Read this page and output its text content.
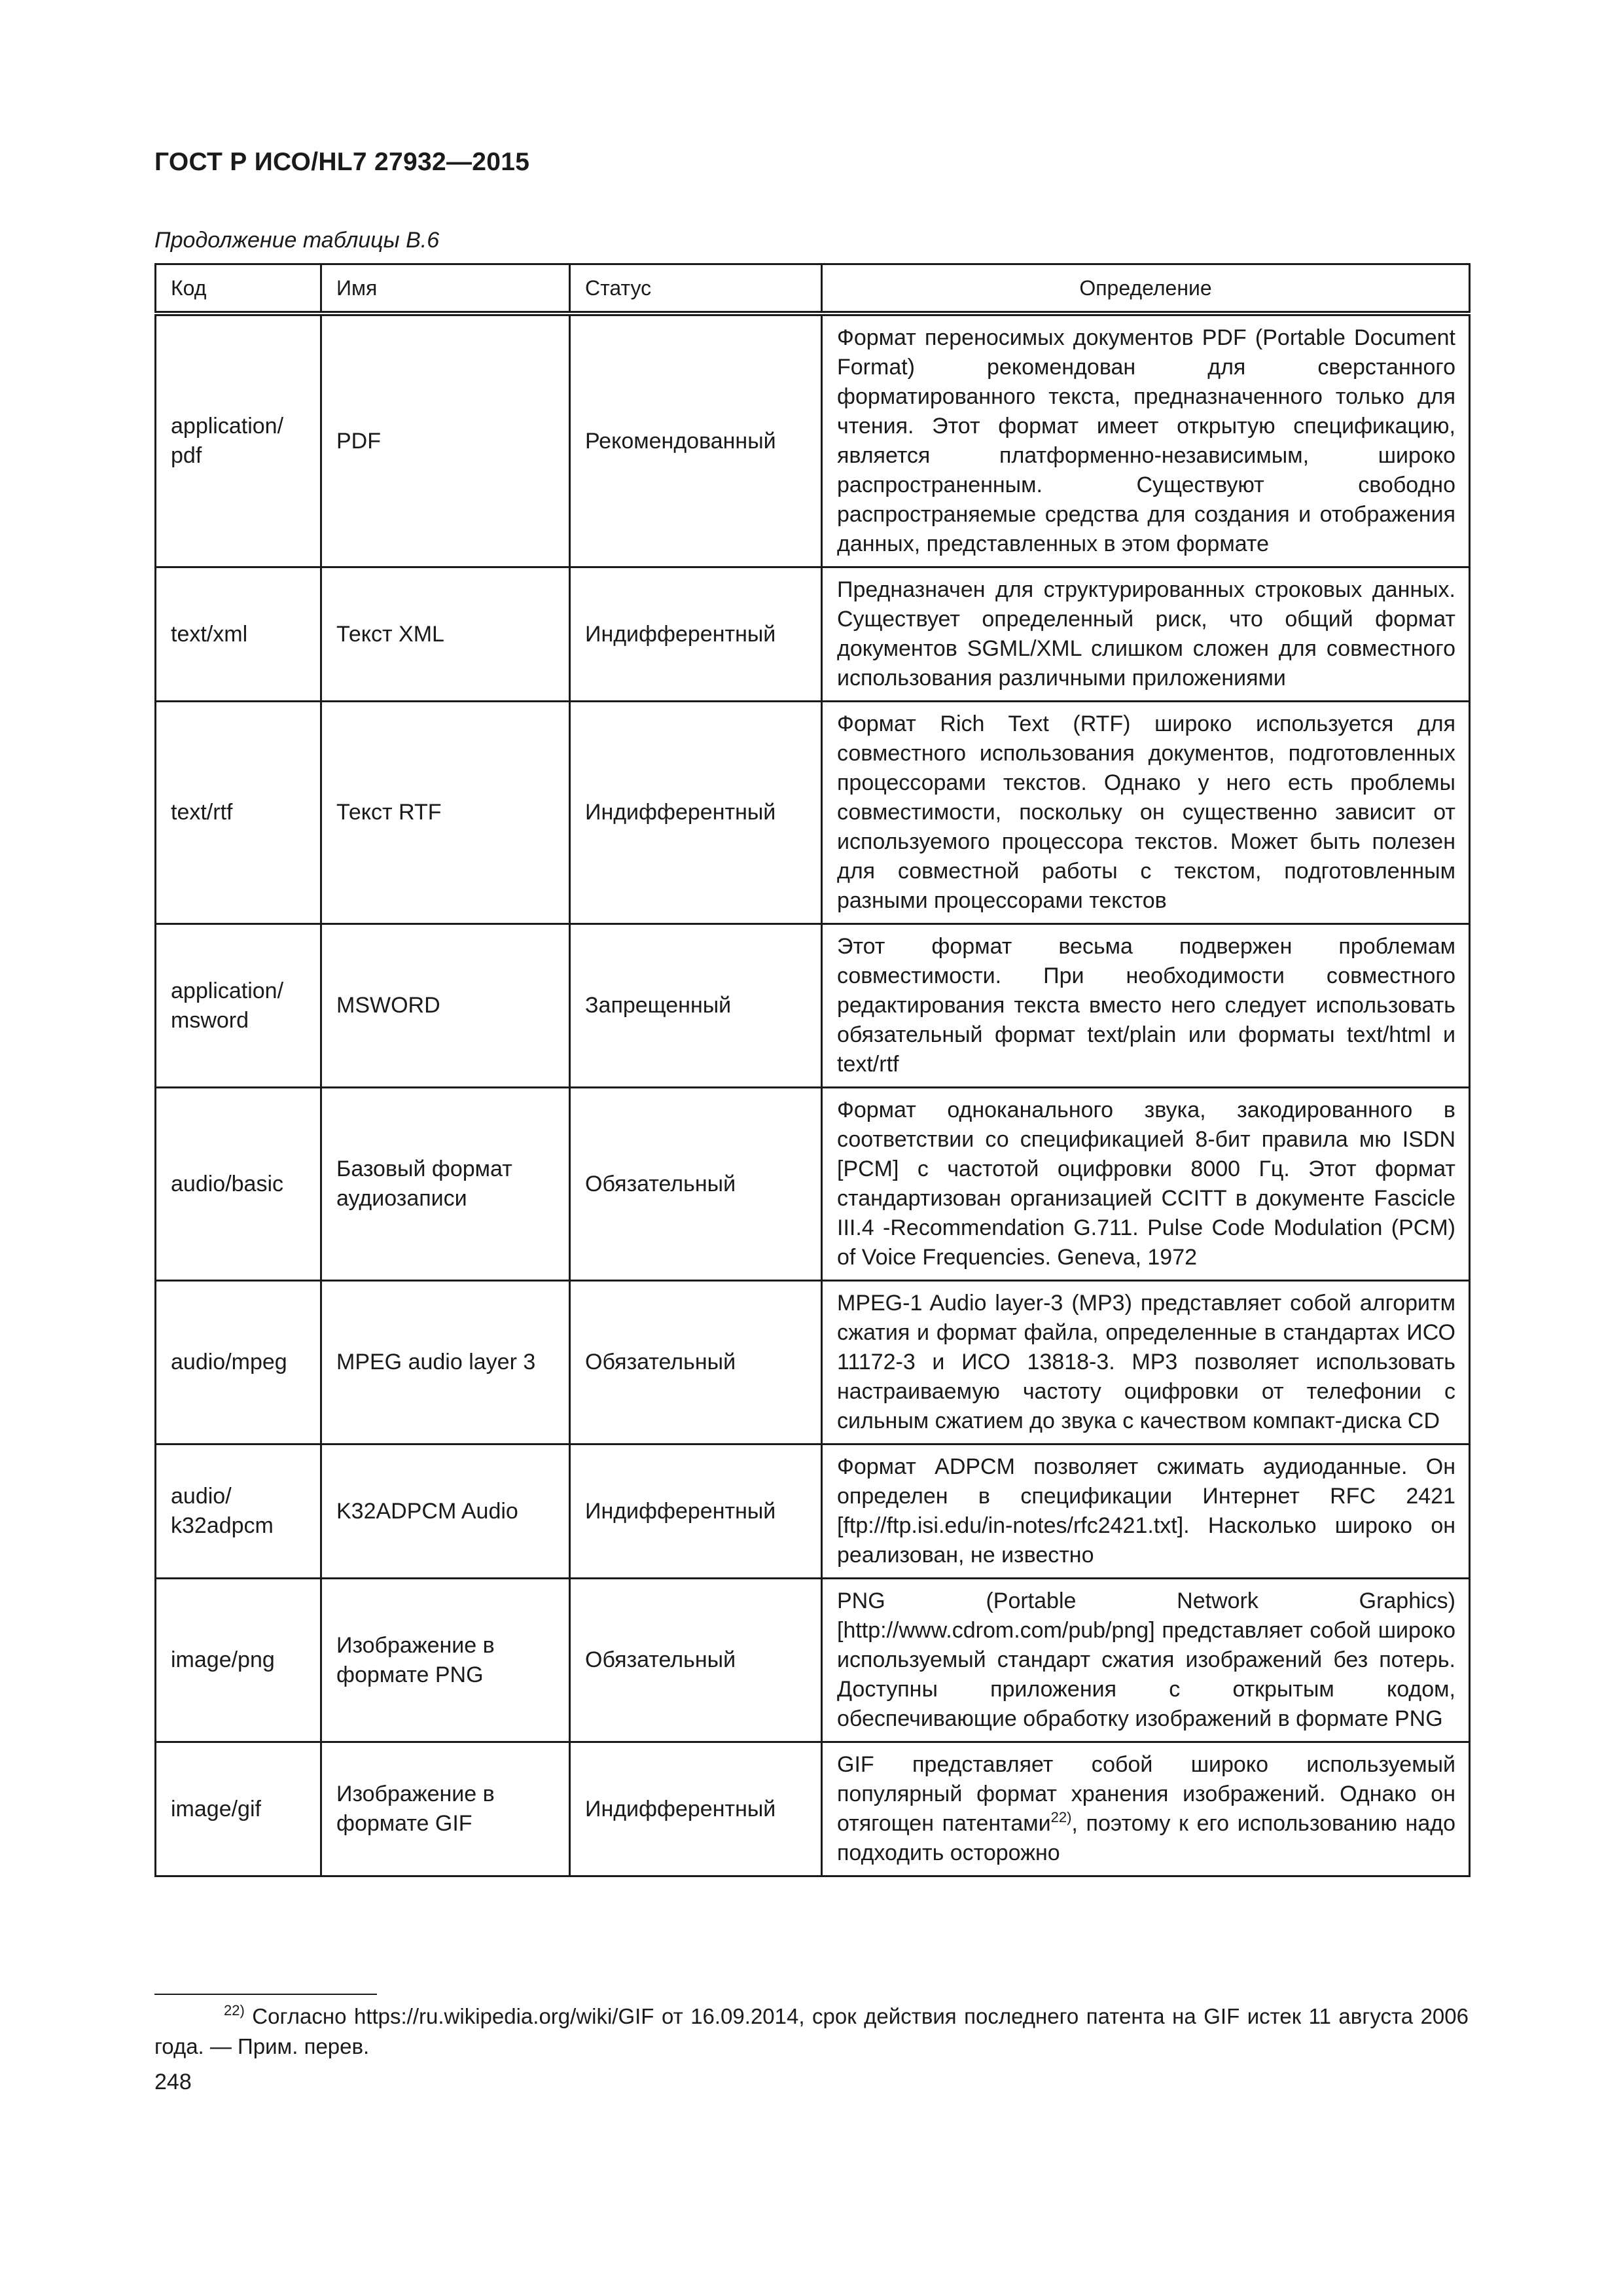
ГОСТ Р ИСО/HL7 27932—2015
Продолжение таблицы В.6
Код	Имя	Статус	Определение
application/ pdf	PDF	Рекомендованный	Формат переносимых документов PDF (Portable Document Format) рекомендован для сверстанного форматированного текста, предназначенного только для чтения. Этот формат имеет открытую спецификацию, является платформенно-независимым, широко распространенным. Существуют свободно распространяемые средства для создания и отображения данных, представленных в этом формате
text/xml	Текст XML	Индифферентный	Предназначен для структурированных строковых данных. Существует определенный риск, что общий формат документов SGML/XML слишком сложен для совместного использования различными приложениями
text/rtf	Текст RTF	Индифферентный	Формат Rich Text (RTF) широко используется для совместного использования документов, подготовленных процессорами текстов. Однако у него есть проблемы совместимости, поскольку он существенно зависит от используемого процессора текстов. Может быть полезен для совместной работы с текстом, подготовленным разными процессорами текстов
application/ msword	MSWORD	Запрещенный	Этот формат весьма подвержен проблемам совместимости. При необходимости совместного редактирования текста вместо него следует использовать обязательный формат text/plain или форматы text/html и text/rtf
audio/basic	Базовый формат аудиозаписи	Обязательный	Формат одноканального звука, закодированного в соответствии со спецификацией 8-бит правила мю ISDN [PCM] с частотой оцифровки 8000 Гц. Этот формат стандартизован организацией CCITT в документе Fascicle III.4 -Recommendation G.711. Pulse Code Modulation (PCM) of Voice Frequencies. Geneva, 1972
audio/mpeg	MPEG audio layer 3	Обязательный	MPEG-1 Audio layer-3 (MP3) представляет собой алгоритм сжатия и формат файла, определенные в стандартах ИСО 11172-3 и ИСО 13818-3. MP3 позволяет использовать настраиваемую частоту оцифровки от телефонии с сильным сжатием до звука с качеством компакт-диска CD
audio/ k32adpcm	K32ADPCM Audio	Индифферентный	Формат ADPCM позволяет сжимать аудиоданные. Он определен в спецификации Интернет RFC 2421 [ftp://ftp.isi.edu/in-notes/rfc2421.txt]. Насколько широко он реализован, не известно
image/png	Изображение в формате PNG	Обязательный	PNG (Portable Network Graphics) [http://www.cdrom.com/pub/png] представляет собой широко используемый стандарт сжатия изображений без потерь. Доступны приложения с открытым кодом, обеспечивающие обработку изображений в формате PNG
image/gif	Изображение в формате GIF	Индифферентный	GIF представляет собой широко используемый популярный формат хранения изображений. Однако он отягощен патентами$^{22)}$, поэтому к его использованию надо подходить осторожно
$^{22)}$ Согласно https://ru.wikipedia.org/wiki/GIF от 16.09.2014, срок действия последнего патента на GIF истек 11 августа 2006 года. — Прим. перев.
248
